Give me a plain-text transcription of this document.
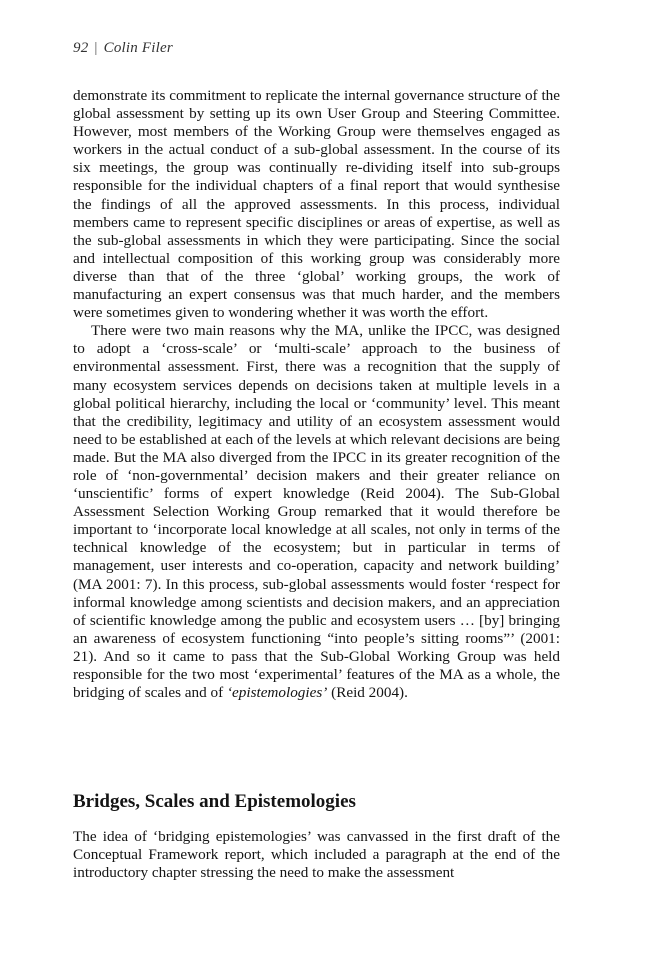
92 | Colin Filer

demonstrate its commitment to replicate the internal governance structure of the global assessment by setting up its own User Group and Steering Committee. However, most members of the Working Group were themselves engaged as workers in the actual conduct of a sub-global assessment. In the course of its six meetings, the group was continually re-dividing itself into sub-groups responsible for the individual chapters of a final report that would synthesise the findings of all the approved assessments. In this process, individual members came to represent specific disciplines or areas of expertise, as well as the sub-global assessments in which they were participating. Since the social and intellectual composition of this working group was considerably more diverse than that of the three ‘global’ working groups, the work of manufacturing an expert consensus was that much harder, and the members were sometimes given to wondering whether it was worth the effort.

There were two main reasons why the MA, unlike the IPCC, was designed to adopt a ‘cross-scale’ or ‘multi-scale’ approach to the business of environmental assessment. First, there was a recognition that the supply of many ecosystem services depends on decisions taken at multiple levels in a global political hierarchy, including the local or ‘community’ level. This meant that the credibility, legitimacy and utility of an ecosystem assessment would need to be established at each of the levels at which relevant decisions are being made. But the MA also diverged from the IPCC in its greater recognition of the role of ‘non-governmental’ decision makers and their greater reliance on ‘unscientific’ forms of expert knowledge (Reid 2004). The Sub-Global Assessment Selection Working Group remarked that it would therefore be important to ‘incorporate local knowledge at all scales, not only in terms of the technical knowledge of the ecosystem; but in particular in terms of management, user interests and co-operation, capacity and network building’ (MA 2001: 7). In this process, sub-global assessments would foster ‘respect for informal knowledge among scientists and decision makers, and an appreciation of scientific knowledge among the public and ecosystem users … [by] bringing an awareness of ecosystem functioning “into people’s sitting rooms”’ (2001: 21). And so it came to pass that the Sub-Global Working Group was held responsible for the two most ‘experimental’ features of the MA as a whole, the bridging of scales and of ‘epistemologies’ (Reid 2004).

Bridges, Scales and Epistemologies

The idea of ‘bridging epistemologies’ was canvassed in the first draft of the Conceptual Framework report, which included a paragraph at the end of the introductory chapter stressing the need to make the assessment
